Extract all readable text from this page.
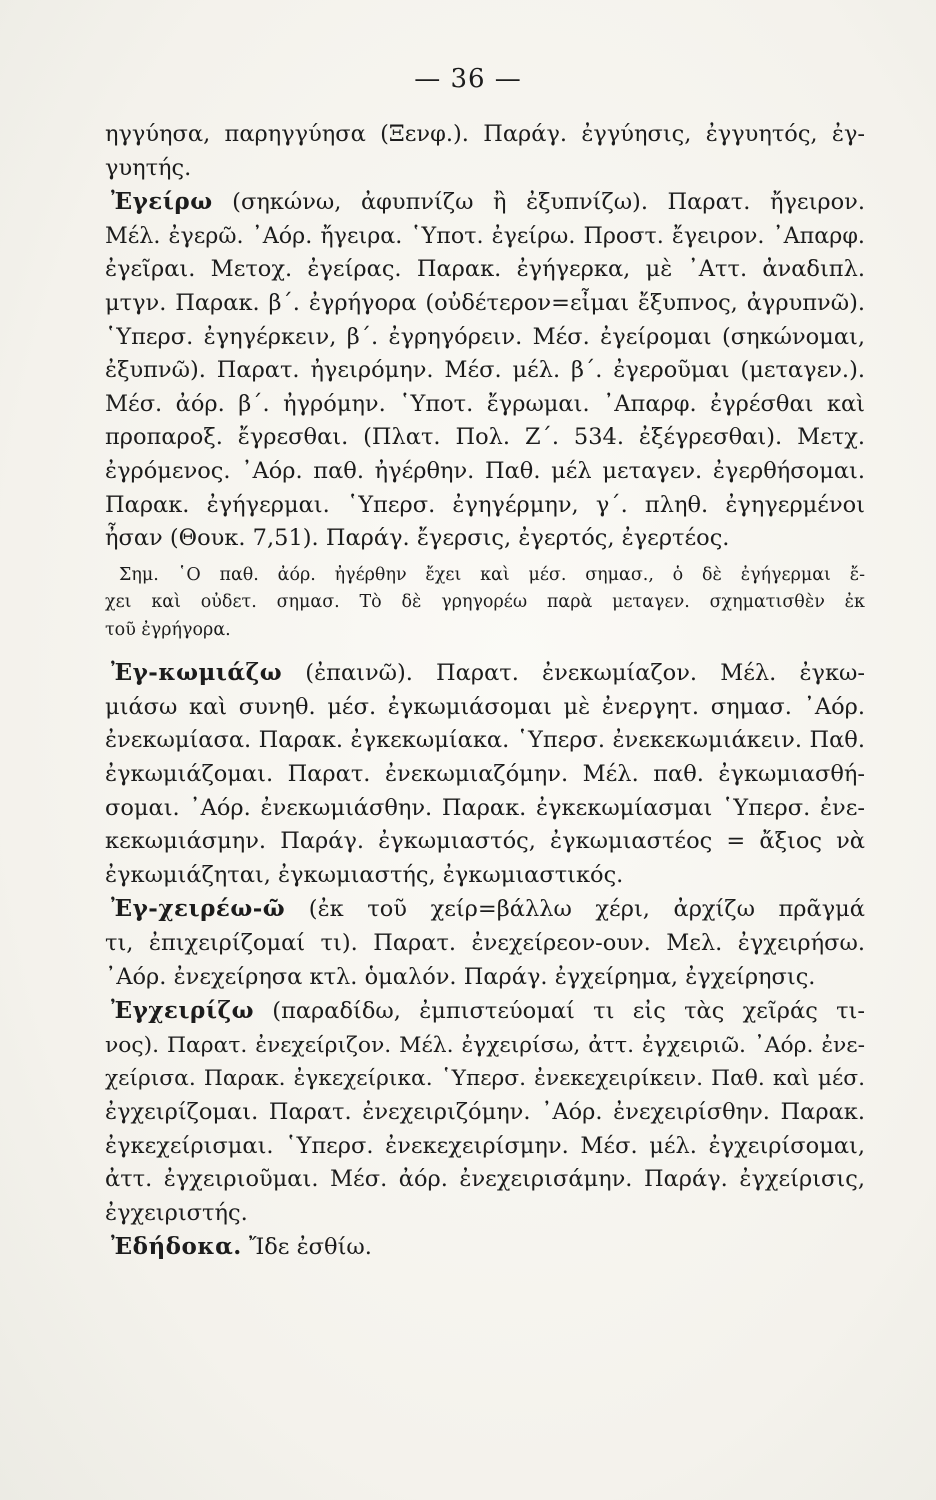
— 36 —
ηγγύησα, παρηγγύησα (Ξενφ.). Παράγ. ἐγγύησις, ἐγγυητός, ἐγ-
γυητής.
Ἐγείρω (σηκώνω, ἀφυπνίζω ἢ ἐξυπνίζω). Παρατ. ἤγειρον.
Μέλ. ἐγερῶ. ᾿Αόρ. ἤγειρα. ῾Υποτ. ἐγείρω. Προστ. ἔγειρον. ᾿Απαρφ.
ἐγεῖραι. Μετοχ. ἐγείρας. Παρακ. ἐγήγερκα, μὲ ᾿Αττ. ἀναδιπλ.
μτγν. Παρακ. β΄. ἐγρήγορα (οὐδέτερον=εἶμαι ἔξυπνος, ἀγρυπνῶ).
῾Υπερσ. ἐγηγέρκειν, β΄. ἐγρηγόρειν. Μέσ. ἐγείρομαι (σηκώνομαι,
ἐξυπνῶ). Παρατ. ἠγειρόμην. Μέσ. μέλ. β΄. ἐγεροῦμαι (μεταγεν.).
Μέσ. ἀόρ. β΄. ἠγρόμην. ῾Υποτ. ἔγρωμαι. ᾿Απαρφ. ἐγρέσθαι καὶ
προπαροξ. ἔγρεσθαι. (Πλατ. Πολ. Ζ΄. 534. ἐξέγρεσθαι). Μετχ.
ἐγρόμενος. ᾿Αόρ. παθ. ἠγέρθην. Παθ. μέλ μεταγεν. ἐγερθήσομαι.
Παρακ. ἐγήγερμαι. ῾Υπερσ. ἐγηγέρμην, γ΄. πληθ. ἐγηγερμένοι
ἦσαν (Θουκ. 7,51). Παράγ. ἔγερσις, ἐγερτός, ἐγερτέος.
Σημ. ῾Ο παθ. ἀόρ. ἠγέρθην ἔχει καὶ μέσ. σημασ., ὁ δὲ ἐγήγερμαι ἔ-
χει καὶ οὐδετ. σημασ. Τὸ δὲ γρηγορέω παρὰ μεταγεν. σχηματισθὲν ἐκ
τοῦ ἐγρήγορα.
Ἐγ-κωμιάζω (ἐπαινῶ). Παρατ. ἐνεκωμίαζον. Μέλ. ἐγκω-
μιάσω καὶ συνηθ. μέσ. ἐγκωμιάσομαι μὲ ἐνεργητ. σημασ. ᾿Αόρ.
ἐνεκωμίασα. Παρακ. ἐγκεκωμίακα. ῾Υπερσ. ἐνεκεκωμιάκειν. Παθ.
ἐγκωμιάζομαι. Παρατ. ἐνεκωμιαζόμην. Μέλ. παθ. ἐγκωμιασθή-
σομαι. ᾿Αόρ. ἐνεκωμιάσθην. Παρακ. ἐγκεκωμίασμαι ῾Υπερσ. ἐνε-
κεκωμιάσμην. Παράγ. ἐγκωμιαστός, ἐγκωμιαστέος = ἄξιος νὰ
ἐγκωμιάζηται, ἐγκωμιαστής, ἐγκωμιαστικός.
Ἐγ-χειρέω-ῶ (ἐκ τοῦ χείρ=βάλλω χέρι, ἀρχίζω πρᾶγμά
τι, ἐπιχειρίζομαί τι). Παρατ. ἐνεχείρεον-ουν. Μελ. ἐγχειρήσω.
᾿Αόρ. ἐνεχείρησα κτλ. ὁμαλόν. Παράγ. ἐγχείρημα, ἐγχείρησις.
Ἐγχειρίζω (παραδίδω, ἐμπιστεύομαί τι εἰς τὰς χεῖράς τι-
νος). Παρατ. ἐνεχείριζον. Μέλ. ἐγχειρίσω, ἀττ. ἐγχειριῶ. ᾿Αόρ. ἐνε-
χείρισα. Παρακ. ἐγκεχείρικα. ῾Υπερσ. ἐνεκεχειρίκειν. Παθ. καὶ μέσ.
ἐγχειρίζομαι. Παρατ. ἐνεχειριζόμην. ᾿Αόρ. ἐνεχειρίσθην. Παρακ.
ἐγκεχείρισμαι. ῾Υπερσ. ἐνεκεχειρίσμην. Μέσ. μέλ. ἐγχειρίσομαι,
ἀττ. ἐγχειριοῦμαι. Μέσ. ἀόρ. ἐνεχειρισάμην. Παράγ. ἐγχείρισις,
ἐγχειριστής.
Ἐδήδοκα. Ἴδε ἐσθίω.
